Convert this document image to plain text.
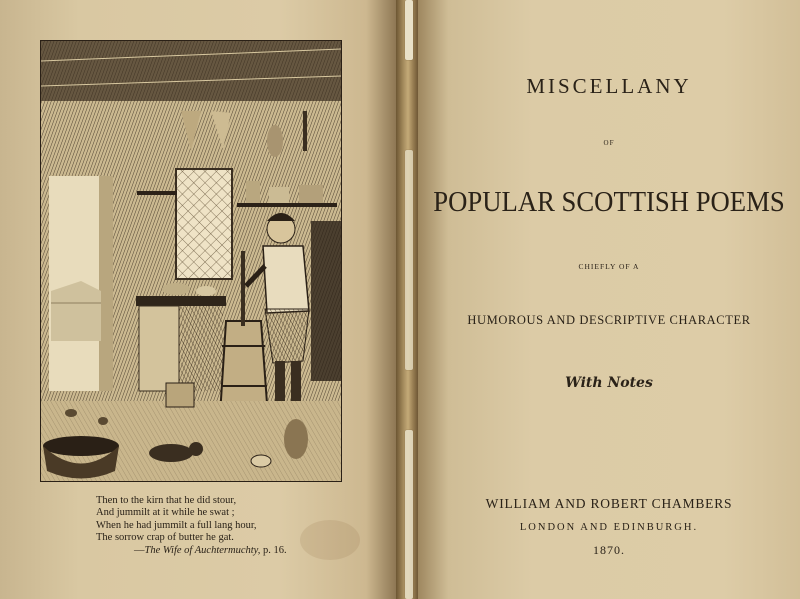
Then to the kirn that he did stour,
And jummilt at it while he swat ;
When he had jummilt a full lang hour,
The sorrow crap of butter he gat.
—The Wife of Auchtermuchty, p. 16.
MISCELLANY
OF
POPULAR SCOTTISH POEMS
CHIEFLY OF A
HUMOROUS AND DESCRIPTIVE CHARACTER
With Notes
WILLIAM AND ROBERT CHAMBERS
LONDON AND EDINBURGH.
1870.
